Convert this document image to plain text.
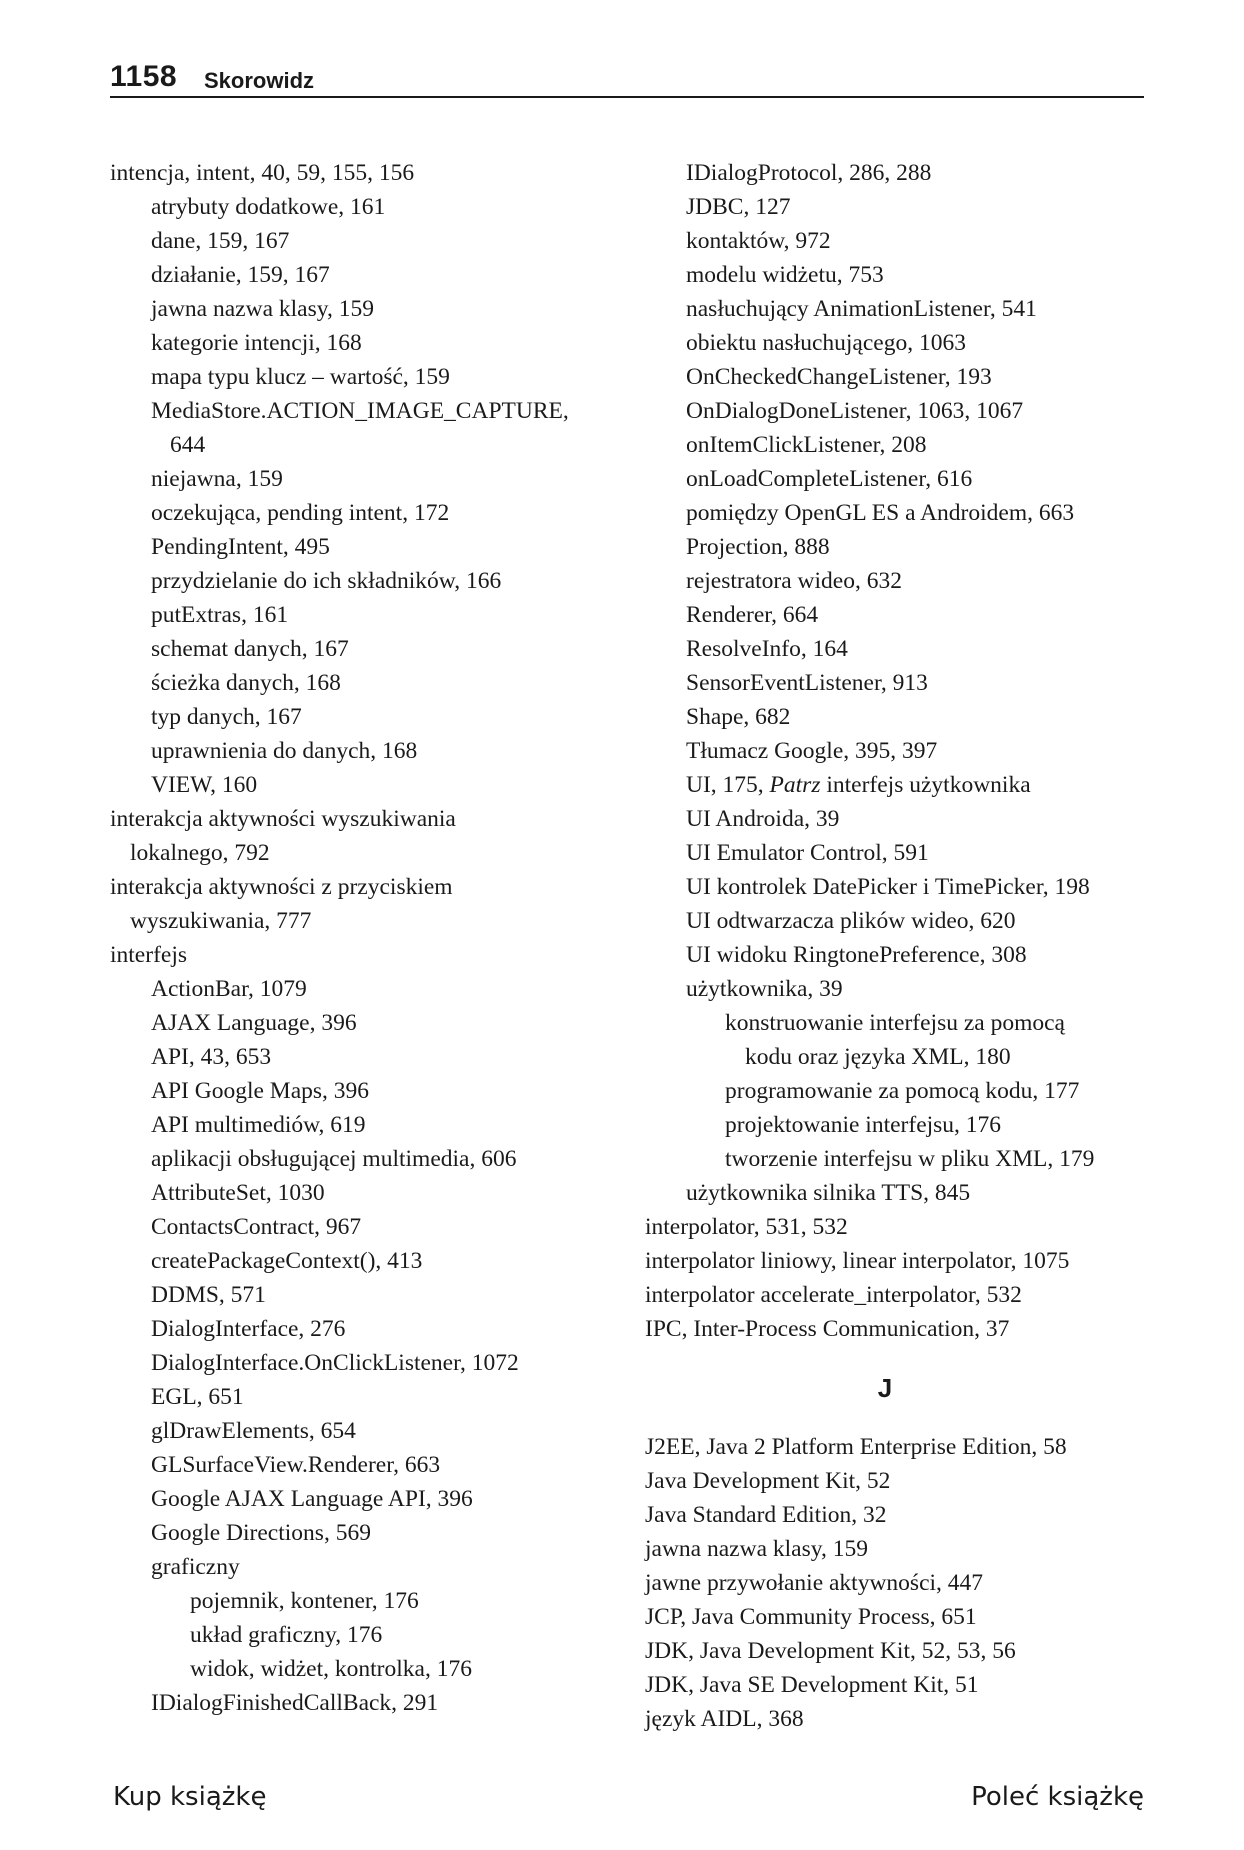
1158 Skorowidz
intencja, intent, 40, 59, 155, 156
atrybuty dodatkowe, 161
dane, 159, 167
działanie, 159, 167
jawna nazwa klasy, 159
kategorie intencji, 168
mapa typu klucz – wartość, 159
MediaStore.ACTION_IMAGE_CAPTURE,
644
niejawna, 159
oczekująca, pending intent, 172
PendingIntent, 495
przydzielanie do ich składników, 166
putExtras, 161
schemat danych, 167
ścieżka danych, 168
typ danych, 167
uprawnienia do danych, 168
VIEW, 160
interakcja aktywności wyszukiwania
lokalnego, 792
interakcja aktywności z przyciskiem
wyszukiwania, 777
interfejs
ActionBar, 1079
AJAX Language, 396
API, 43, 653
API Google Maps, 396
API multimediów, 619
aplikacji obsługującej multimedia, 606
AttributeSet, 1030
ContactsContract, 967
createPackageContext(), 413
DDMS, 571
DialogInterface, 276
DialogInterface.OnClickListener, 1072
EGL, 651
glDrawElements, 654
GLSurfaceView.Renderer, 663
Google AJAX Language API, 396
Google Directions, 569
graficzny
pojemnik, kontener, 176
układ graficzny, 176
widok, widżet, kontrolka, 176
IDialogFinishedCallBack, 291
IDialogProtocol, 286, 288
JDBC, 127
kontaktów, 972
modelu widżetu, 753
nasłuchujący AnimationListener, 541
obiektu nasłuchującego, 1063
OnCheckedChangeListener, 193
OnDialogDoneListener, 1063, 1067
onItemClickListener, 208
onLoadCompleteListener, 616
pomiędzy OpenGL ES a Androidem, 663
Projection, 888
rejestratora wideo, 632
Renderer, 664
ResolveInfo, 164
SensorEventListener, 913
Shape, 682
Tłumacz Google, 395, 397
UI, 175, Patrz interfejs użytkownika
UI Androida, 39
UI Emulator Control, 591
UI kontrolek DatePicker i TimePicker, 198
UI odtwarzacza plików wideo, 620
UI widoku RingtonePreference, 308
użytkownika, 39
konstruowanie interfejsu za pomocą
kodu oraz języka XML, 180
programowanie za pomocą kodu, 177
projektowanie interfejsu, 176
tworzenie interfejsu w pliku XML, 179
użytkownika silnika TTS, 845
interpolator, 531, 532
interpolator liniowy, linear interpolator, 1075
interpolator accelerate_interpolator, 532
IPC, Inter-Process Communication, 37
J
J2EE, Java 2 Platform Enterprise Edition, 58
Java Development Kit, 52
Java Standard Edition, 32
jawna nazwa klasy, 159
jawne przywołanie aktywności, 447
JCP, Java Community Process, 651
JDK, Java Development Kit, 52, 53, 56
JDK, Java SE Development Kit, 51
język AIDL, 368
Kup książkę	Poleć książkę
